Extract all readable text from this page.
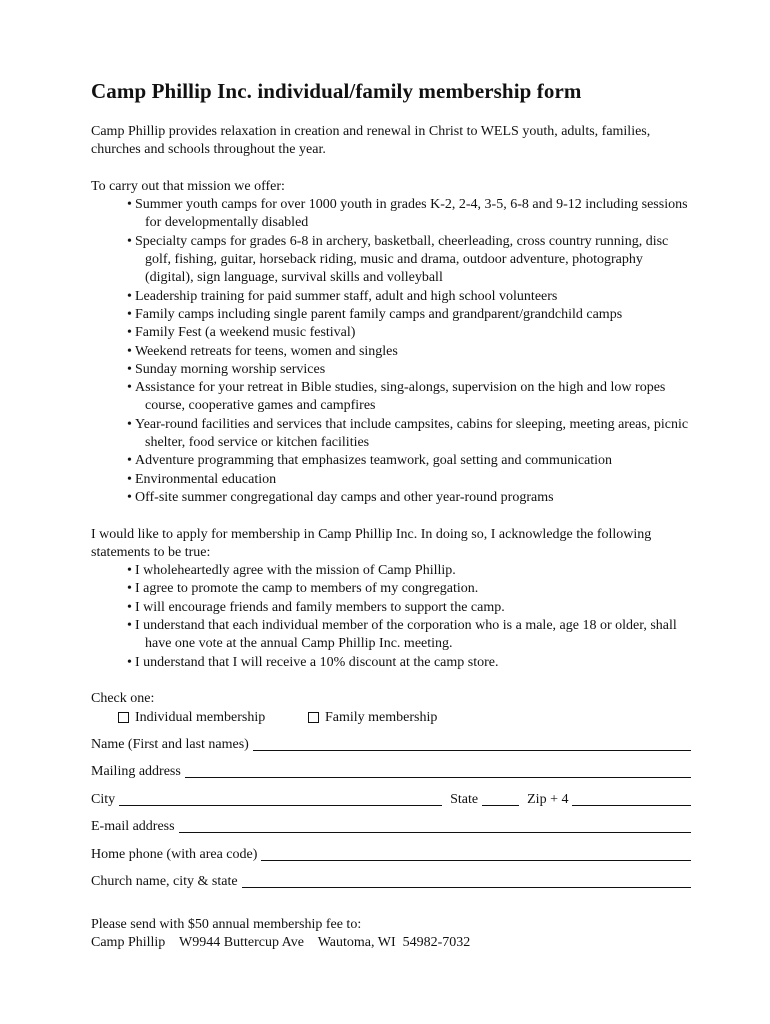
Camp Phillip Inc. individual/family membership form

Camp Phillip provides relaxation in creation and renewal in Christ to WELS youth, adults, families, churches and schools throughout the year.

To carry out that mission we offer:

• Summer youth camps for over 1000 youth in grades K-2, 2-4, 3-5, 6-8 and 9-12 including sessions for developmentally disabled
• Specialty camps for grades 6-8 in archery, basketball, cheerleading, cross country running, disc golf, fishing, guitar, horseback riding, music and drama, outdoor adventure, photography (digital), sign language, survival skills and volleyball
• Leadership training for paid summer staff, adult and high school volunteers
• Family camps including single parent family camps and grandparent/grandchild camps
• Family Fest (a weekend music festival)
• Weekend retreats for teens, women and singles
• Sunday morning worship services
• Assistance for your retreat in Bible studies, sing-alongs, supervision on the high and low ropes course, cooperative games and campfires
• Year-round facilities and services that include campsites, cabins for sleeping, meeting areas, picnic shelter, food service or kitchen facilities
• Adventure programming that emphasizes teamwork, goal setting and communication
• Environmental education
• Off-site summer congregational day camps and other year-round programs

I would like to apply for membership in Camp Phillip Inc. In doing so, I acknowledge the following statements to be true:

• I wholeheartedly agree with the mission of Camp Phillip.
• I agree to promote the camp to members of my congregation.
• I will encourage friends and family members to support the camp.
• I understand that each individual member of the corporation who is a male, age 18 or older, shall have one vote at the annual Camp Phillip Inc. meeting.
• I understand that I will receive a 10% discount at the camp store.

Check one:

Individual membership	Family membership
Name (First and last names)
Mailing address
City	State	Zip + 4
E-mail address
Home phone (with area code)
Church name, city & state

Please send with $50 annual membership fee to:

Camp Phillip    W9944 Buttercup Ave    Wautoma, WI  54982-7032
